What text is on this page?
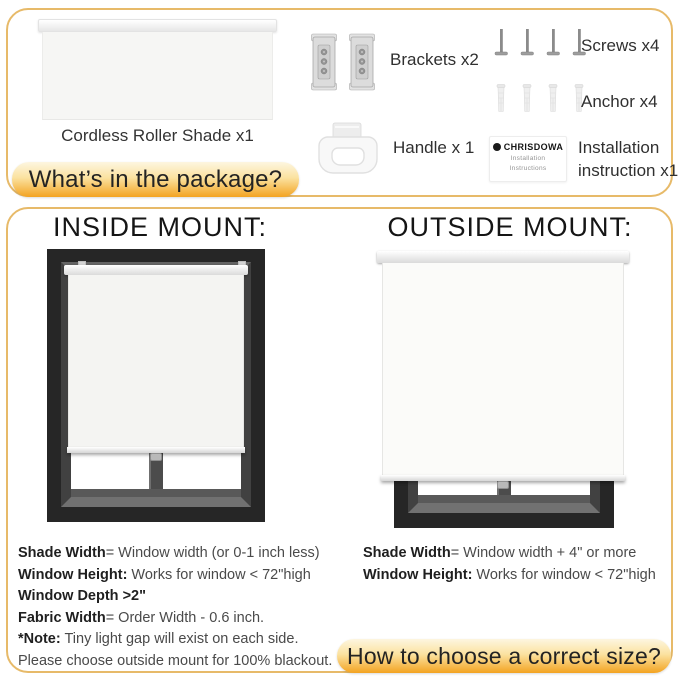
Cordless Roller Shade x1
Brackets x2
Handle x 1
Screws x4
Anchor x4
CHRISDOWA
Installation
Instructions
Installation
instruction x1
What’s in the package?
INSIDE MOUNT:	OUTSIDE MOUNT:
Shade Width= Window width (or 0-1 inch less)
Window Height: Works for window < 72"high
Window Depth >2"
Fabric Width= Order Width - 0.6 inch.
*Note: Tiny light gap will exist on each side.
Please choose outside mount for 100% blackout.
Shade Width= Window width + 4" or more
Window Height: Works for window < 72"high
How to choose a correct size?
